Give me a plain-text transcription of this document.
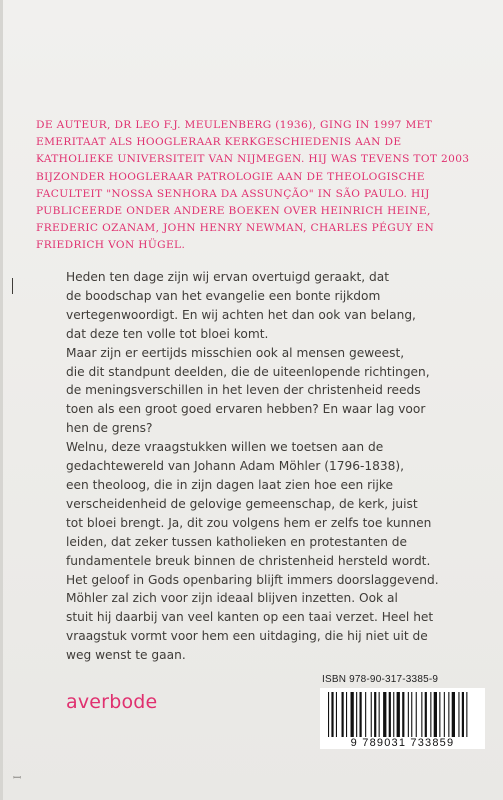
DE AUTEUR, DR LEO F.J. MEULENBERG (1936), GING IN 1997 MET EMERITAAT ALS HOOGLERAAR KERKGESCHIEDENIS AAN DE KATHOLIEKE UNIVERSITEIT VAN NIJMEGEN. HIJ WAS TEVENS TOT 2003 BIJZONDER HOOGLERAAR PATROLOGIE AAN DE THEOLOGISCHE FACULTEIT "NOSSA SENHORA DA ASSUNÇÃO" IN SÃO PAULO. HIJ PUBLICEERDE ONDER ANDERE BOEKEN OVER HEINRICH HEINE, FREDERIC OZANAM, JOHN HENRY NEWMAN, CHARLES PÉGUY EN FRIEDRICH VON HÜGEL.

Heden ten dage zijn wij ervan overtuigd geraakt, dat
de boodschap van het evangelie een bonte rijkdom
vertegenwoordigt. En wij achten het dan ook van belang,
dat deze ten volle tot bloei komt.
Maar zijn er eertijds misschien ook al mensen geweest,
die dit standpunt deelden, die de uiteenlopende richtingen,
de meningsverschillen in het leven der christenheid reeds
toen als een groot goed ervaren hebben? En waar lag voor
hen de grens?
Welnu, deze vraagstukken willen we toetsen aan de
gedachtewereld van Johann Adam Möhler (1796-1838),
een theoloog, die in zijn dagen laat zien hoe een rijke
verscheidenheid de gelovige gemeenschap, de kerk, juist
tot bloei brengt. Ja, dit zou volgens hem er zelfs toe kunnen
leiden, dat zeker tussen katholieken en protestanten de
fundamentele breuk binnen de christenheid hersteld wordt.
Het geloof in Gods openbaring blijft immers doorslaggevend.
Möhler zal zich voor zijn ideaal blijven inzetten. Ook al
stuit hij daarbij van veel kanten op een taai verzet. Heel het
vraagstuk vormt voor hem een uitdaging, die hij niet uit de
weg wenst te gaan.
ISBN 978-90-317-3385-9
9 789031 733859
averbode
ꟷ
